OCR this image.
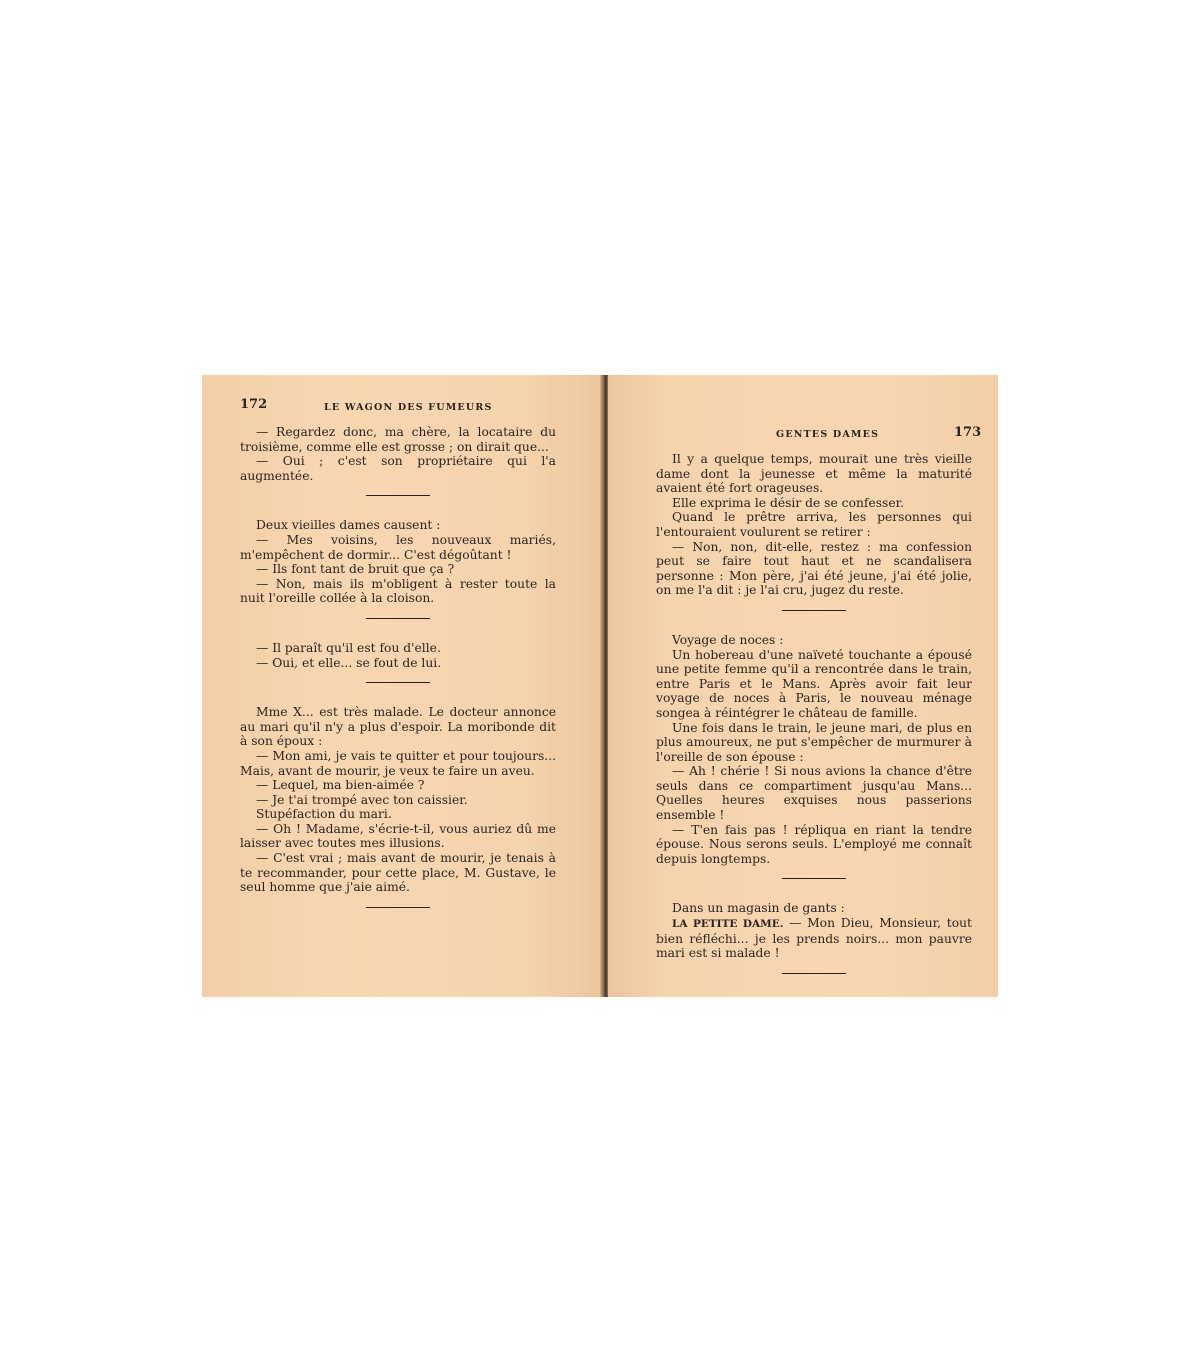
172	LE WAGON DES FUMEURS

— Regardez donc, ma chère, la locataire du troisième, comme elle est grosse ; on dirait que...

— Oui ; c'est son propriétaire qui l'a augmentée.

Deux vieilles dames causent :

— Mes voisins, les nouveaux mariés, m'empêchent de dormir... C'est dégoûtant !

— Ils font tant de bruit que ça ?

— Non, mais ils m'obligent à rester toute la nuit l'oreille collée à la cloison.

— Il paraît qu'il est fou d'elle.

— Oui, et elle... se fout de lui.

Mme X... est très malade. Le docteur annonce au mari qu'il n'y a plus d'espoir. La moribonde dit à son époux :

— Mon ami, je vais te quitter et pour toujours... Mais, avant de mourir, je veux te faire un aveu.

— Lequel, ma bien-aimée ?

— Je t'ai trompé avec ton caissier.

Stupéfaction du mari.

— Oh ! Madame, s'écrie-t-il, vous auriez dû me laisser avec toutes mes illusions.

— C'est vrai ; mais avant de mourir, je tenais à te recommander, pour cette place, M. Gustave, le seul homme que j'aie aimé.

GENTES DAMES	173

Il y a quelque temps, mourait une très vieille dame dont la jeunesse et même la maturité avaient été fort orageuses.

Elle exprima le désir de se confesser.

Quand le prêtre arriva, les personnes qui l'entouraient voulurent se retirer :

— Non, non, dit-elle, restez : ma confession peut se faire tout haut et ne scandalisera personne : Mon père, j'ai été jeune, j'ai été jolie, on me l'a dit : je l'ai cru, jugez du reste.

Voyage de noces :

Un hobereau d'une naïveté touchante a épousé une petite femme qu'il a rencontrée dans le train, entre Paris et le Mans. Après avoir fait leur voyage de noces à Paris, le nouveau ménage songea à réintégrer le château de famille.

Une fois dans le train, le jeune mari, de plus en plus amoureux, ne put s'empêcher de murmurer à l'oreille de son épouse :

— Ah ! chérie ! Si nous avions la chance d'être seuls dans ce compartiment jusqu'au Mans... Quelles heures exquises nous passerions ensemble !

— T'en fais pas ! répliqua en riant la tendre épouse. Nous serons seuls. L'employé me connaît depuis longtemps.

Dans un magasin de gants :

LA PETITE DAME. — Mon Dieu, Monsieur, tout bien réfléchi... je les prends noirs... mon pauvre mari est si malade !
